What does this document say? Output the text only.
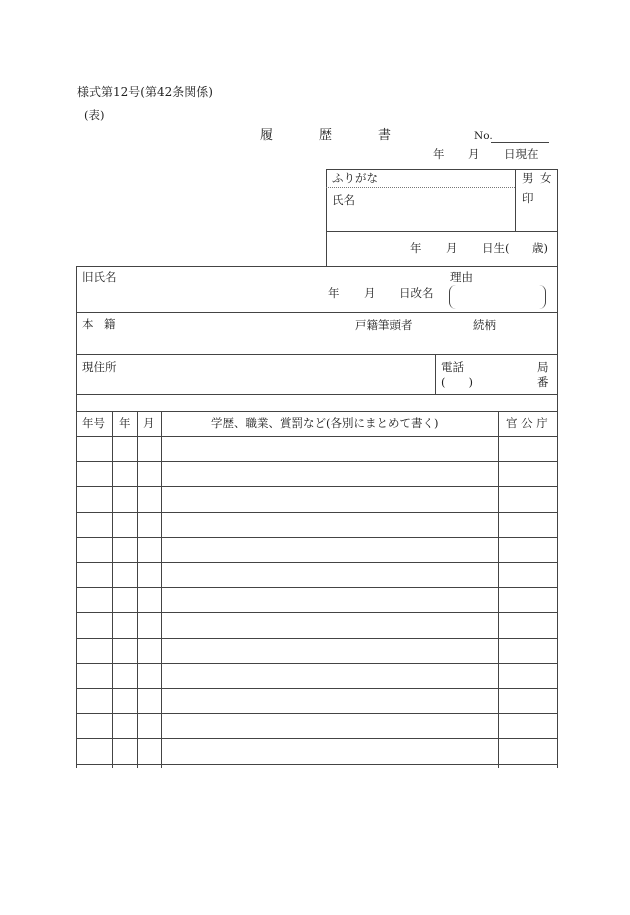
様式第12号(第42条関係)
(表)
履	歴	書	No.
年 月 日現在
ふりがな
氏名
男 女
印
年 月 日生( 歳)
旧氏名	理由
年 月 日改名
本 籍	戸籍筆頭者	続柄
現住所	電話	局
(　　)	番
年号 年 月	学歴、職業、賞罰など(各別にまとめて書く)	官 公 庁
